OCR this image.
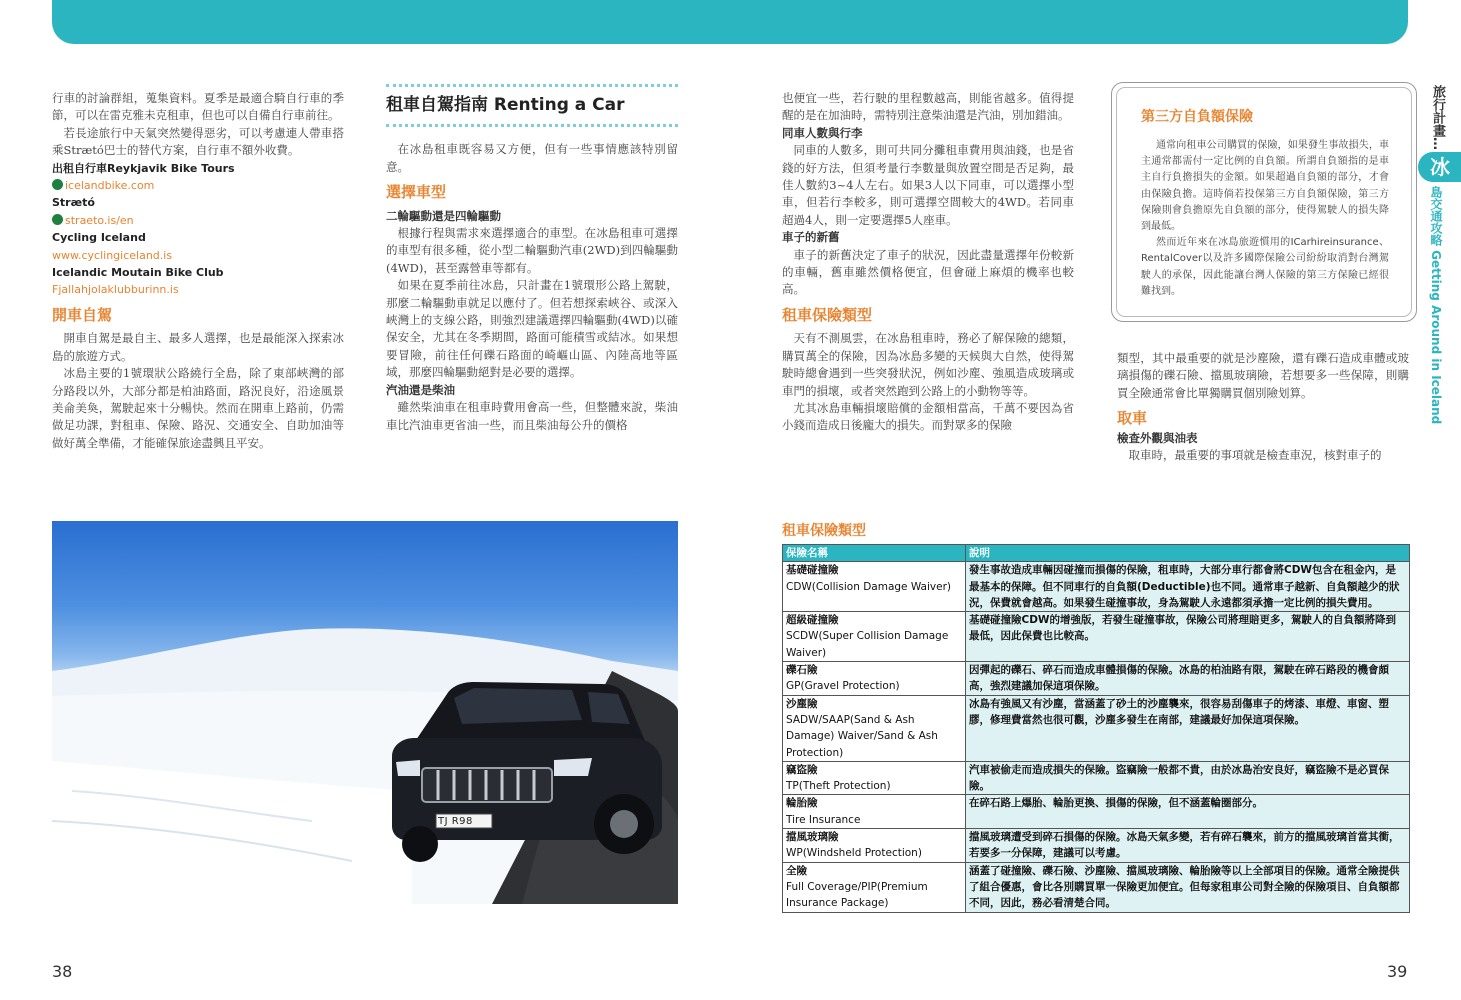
行車的討論群組，蒐集資料。夏季是最適合騎自行車的季節，可以在雷克雅未克租車，但也可以自備自行車前往。

若長途旅行中天氣突然變得惡劣，可以考慮連人帶車搭乘Strætó巴士的替代方案，自行車不額外收費。

出租自行車Reykjavik Bike Tours
icelandbike.com
Strætó
straeto.is/en
Cycling Iceland
www.cyclingiceland.is
Icelandic Moutain Bike Club
Fjallahjolaklubburinn.is
開車自駕

開車自駕是最自主、最多人選擇，也是最能深入探索冰島的旅遊方式。

冰島主要的1號環狀公路繞行全島，除了東部峽灣的部分路段以外，大部分都是柏油路面，路況良好，沿途風景美侖美奐，駕駛起來十分暢快。然而在開車上路前，仍需做足功課，對租車、保險、路況、交通安全、自助加油等做好萬全準備，才能確保旅途盡興且平安。

租車自駕指南 Renting a Car

在冰島租車既容易又方便，但有一些事情應該特別留意。

選擇車型
二輪驅動還是四輪驅動

根據行程與需求來選擇適合的車型。在冰島租車可選擇的車型有很多種，從小型二輪驅動汽車(2WD)到四輪驅動(4WD)，甚至露營車等都有。

如果在夏季前往冰島，只計畫在1號環形公路上駕駛，那麼二輪驅動車就足以應付了。但若想探索峽谷、或深入峽灣上的支線公路，則強烈建議選擇四輪驅動(4WD)以確保安全，尤其在冬季期間，路面可能積雪或結冰。如果想要冒險，前往任何礫石路面的崎嶇山區、內陸高地等區域，那麼四輪驅動絕對是必要的選擇。

汽油還是柴油

雖然柴油車在租車時費用會高一些，但整體來說，柴油車比汽油車更省油一些，而且柴油每公升的價格

TJ R98
38

也便宜一些，若行駛的里程數越高，則能省越多。值得提醒的是在加油時，需特別注意柴油還是汽油，別加錯油。

同車人數與行李

同車的人數多，則可共同分攤租車費用與油錢，也是省錢的好方法，但須考量行李數量與放置空間是否足夠，最佳人數約3~4人左右。如果3人以下同車，可以選擇小型車，但若行李較多，則可選擇空間較大的4WD。若同車超過4人，則一定要選擇5人座車。

車子的新舊

車子的新舊決定了車子的狀況，因此盡量選擇年份較新的車輛，舊車雖然價格便宜，但會碰上麻煩的機率也較高。

租車保險類型

天有不測風雲，在冰島租車時，務必了解保險的總類，購買萬全的保險，因為冰島多變的天候與大自然，使得駕駛時總會遇到一些突發狀況，例如沙塵、強風造成玻璃或車門的損壞，或者突然跑到公路上的小動物等等。

尤其冰島車輛損壞賠償的金額相當高，千萬不要因為省小錢而造成日後龐大的損失。而對眾多的保險

第三方自負額保險

通常向租車公司購買的保險，如果發生事故損失，車主通常都需付一定比例的自負額。所謂自負額指的是車主自行負擔損失的金額。如果超過自負額的部分，才會由保險負擔。這時倘若投保第三方自負額保險，第三方保險則會負擔原先自負額的部分，使得駕駛人的損失降到最低。

然而近年來在冰島旅遊慣用的ICarhireinsurance、RentalCover以及許多國際保險公司紛紛取消對台灣駕駛人的承保，因此能讓台灣人保險的第三方保險已經很難找到。

類型，其中最重要的就是沙塵險，還有礫石造成車體或玻璃損傷的礫石險、擋風玻璃險，若想要多一些保障，則購買全險通常會比單獨購買個別險划算。

取車
檢查外觀與油表

取車時，最重要的事項就是檢查車況，核對車子的

旅行計畫…
冰
島交通攻略 Getting Around in Iceland
租車保險類型
保險名稱	說明

基礎碰撞險
CDW(Collision Damage Waiver)	發生事故造成車輛因碰撞而損傷的保險，租車時，大部分車行都會將CDW包含在租金內，是最基本的保障。但不同車行的自負額(Deductible)也不同。通常車子越新、自負額越少的狀況，保費就會越高。如果發生碰撞事故，身為駕駛人永遠都須承擔一定比例的損失費用。

超級碰撞險
SCDW(Super Collision Damage Waiver)	基礎碰撞險CDW的增強版，若發生碰撞事故，保險公司將理賠更多，駕駛人的自負額將降到最低，因此保費也比較高。

礫石險
GP(Gravel Protection)	因彈起的礫石、碎石而造成車體損傷的保險。冰島的柏油路有限，駕駛在碎石路段的機會頗高，強烈建議加保這項保險。

沙塵險
SADW/SAAP(Sand & Ash Damage) Waiver/Sand & Ash Protection)	冰島有強風又有沙塵，當涵蓋了砂土的沙塵襲來，很容易刮傷車子的烤漆、車燈、車窗、塑膠，修理費當然也很可觀，沙塵多發生在南部，建議最好加保這項保險。

竊盜險
TP(Theft Protection)	汽車被偷走而造成損失的保險。盜竊險一般都不貴，由於冰島治安良好，竊盜險不是必買保險。

輪胎險
Tire Insurance	在碎石路上爆胎、輪胎更換、損傷的保險，但不涵蓋輪圈部分。

擋風玻璃險
WP(Windsheld Protection)	擋風玻璃遭受到碎石損傷的保險。冰島天氣多變，若有碎石襲來，前方的擋風玻璃首當其衝，若要多一分保障，建議可以考慮。

全險
Full Coverage/PIP(Premium Insurance Package)	涵蓋了碰撞險、礫石險、沙塵險、擋風玻璃險、輪胎險等以上全部項目的保險。通常全險提供了組合優惠，會比各別購買單一保險更加便宜。但每家租車公司對全險的保險項目、自負額都不同，因此，務必看清楚合同。
39
